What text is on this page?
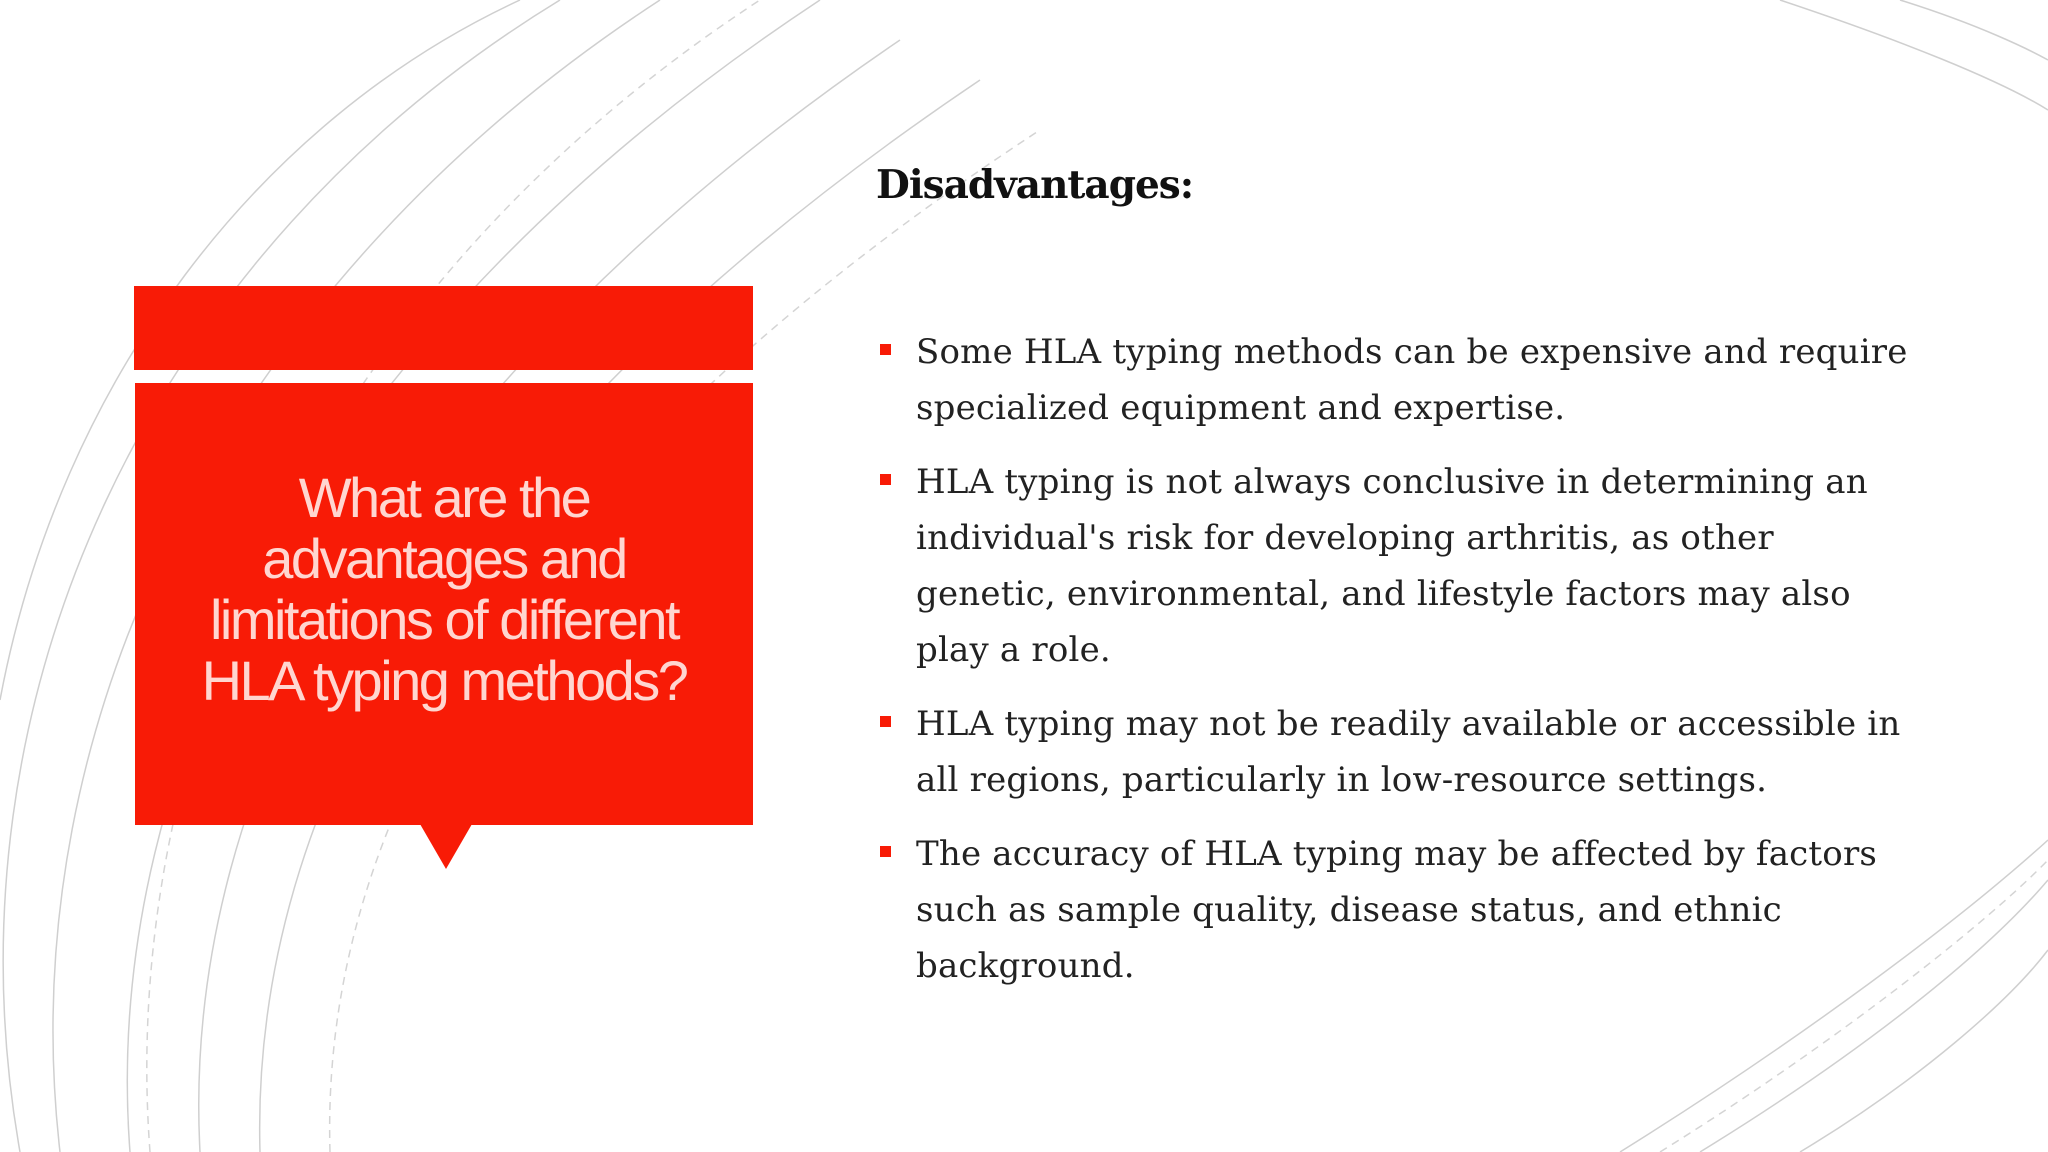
What are the advantages and limitations of different HLA typing methods?
Disadvantages:
Some HLA typing methods can be expensive and require specialized equipment and expertise.
HLA typing is not always conclusive in determining an individual's risk for developing arthritis, as other genetic, environmental, and lifestyle factors may also play a role.
HLA typing may not be readily available or accessible in all regions, particularly in low-resource settings.
The accuracy of HLA typing may be affected by factors such as sample quality, disease status, and ethnic background.
